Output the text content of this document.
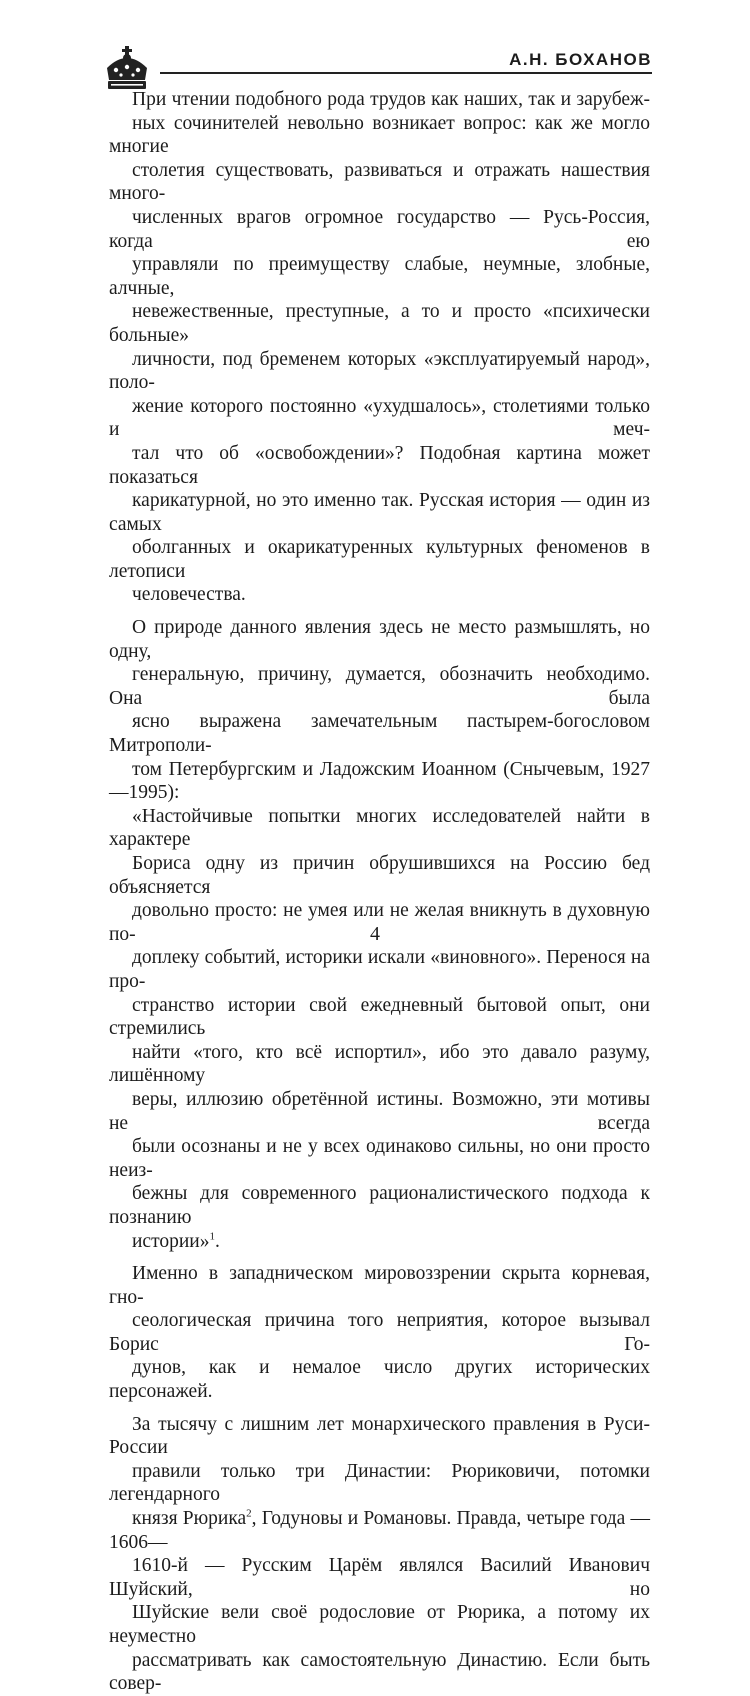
А.Н. БОХАНОВ

При чтении подобного рода трудов как наших, так и зарубеж-
ных сочинителей невольно возникает вопрос: как же могло многие
столетия существовать, развиваться и отражать нашествия много-
численных врагов огромное государство — Русь-Россия, когда ею
управляли по преимуществу слабые, неумные, злобные, алчные,
невежественные, преступные, а то и просто «психически больные»
личности, под бременем которых «эксплуатируемый народ», поло-
жение которого постоянно «ухудшалось», столетиями только и меч-
тал что об «освобождении»? Подобная картина может показаться
карикатурной, но это именно так. Русская история — один из самых
оболганных и окарикатуренных культурных феноменов в летописи
человечества.

О природе данного явления здесь не место размышлять, но одну,
генеральную, причину, думается, обозначить необходимо. Она была
ясно выражена замечательным пастырем-богословом Митрополи-
том Петербургским и Ладожским Иоанном (Снычевым, 1927—1995):
«Настойчивые попытки многих исследователей найти в характере
Бориса одну из причин обрушившихся на Россию бед объясняется
довольно просто: не умея или не желая вникнуть в духовную по-
доплеку событий, историки искали «виновного». Перенося на про-
странство истории свой ежедневный бытовой опыт, они стремились
найти «того, кто всё испортил», ибо это давало разуму, лишённому
веры, иллюзию обретённой истины. Возможно, эти мотивы не всегда
были осознаны и не у всех одинаково сильны, но они просто неиз-
бежны для современного рационалистического подхода к познанию
истории»$^1$.

Именно в западническом мировоззрении скрыта корневая, гно-
сеологическая причина того неприятия, которое вызывал Борис Го-
дунов, как и немалое число других исторических персонажей.

За тысячу с лишним лет монархического правления в Руси-России
правили только три Династии: Рюриковичи, потомки легендарного
князя Рюрика$^2$, Годуновы и Романовы. Правда, четыре года — 1606—
1610-й — Русским Царём являлся Василий Иванович Шуйский, но
Шуйские вели своё родословие от Рюрика, а потому их неуместно
рассматривать как самостоятельную Династию. Если быть совер-

4
